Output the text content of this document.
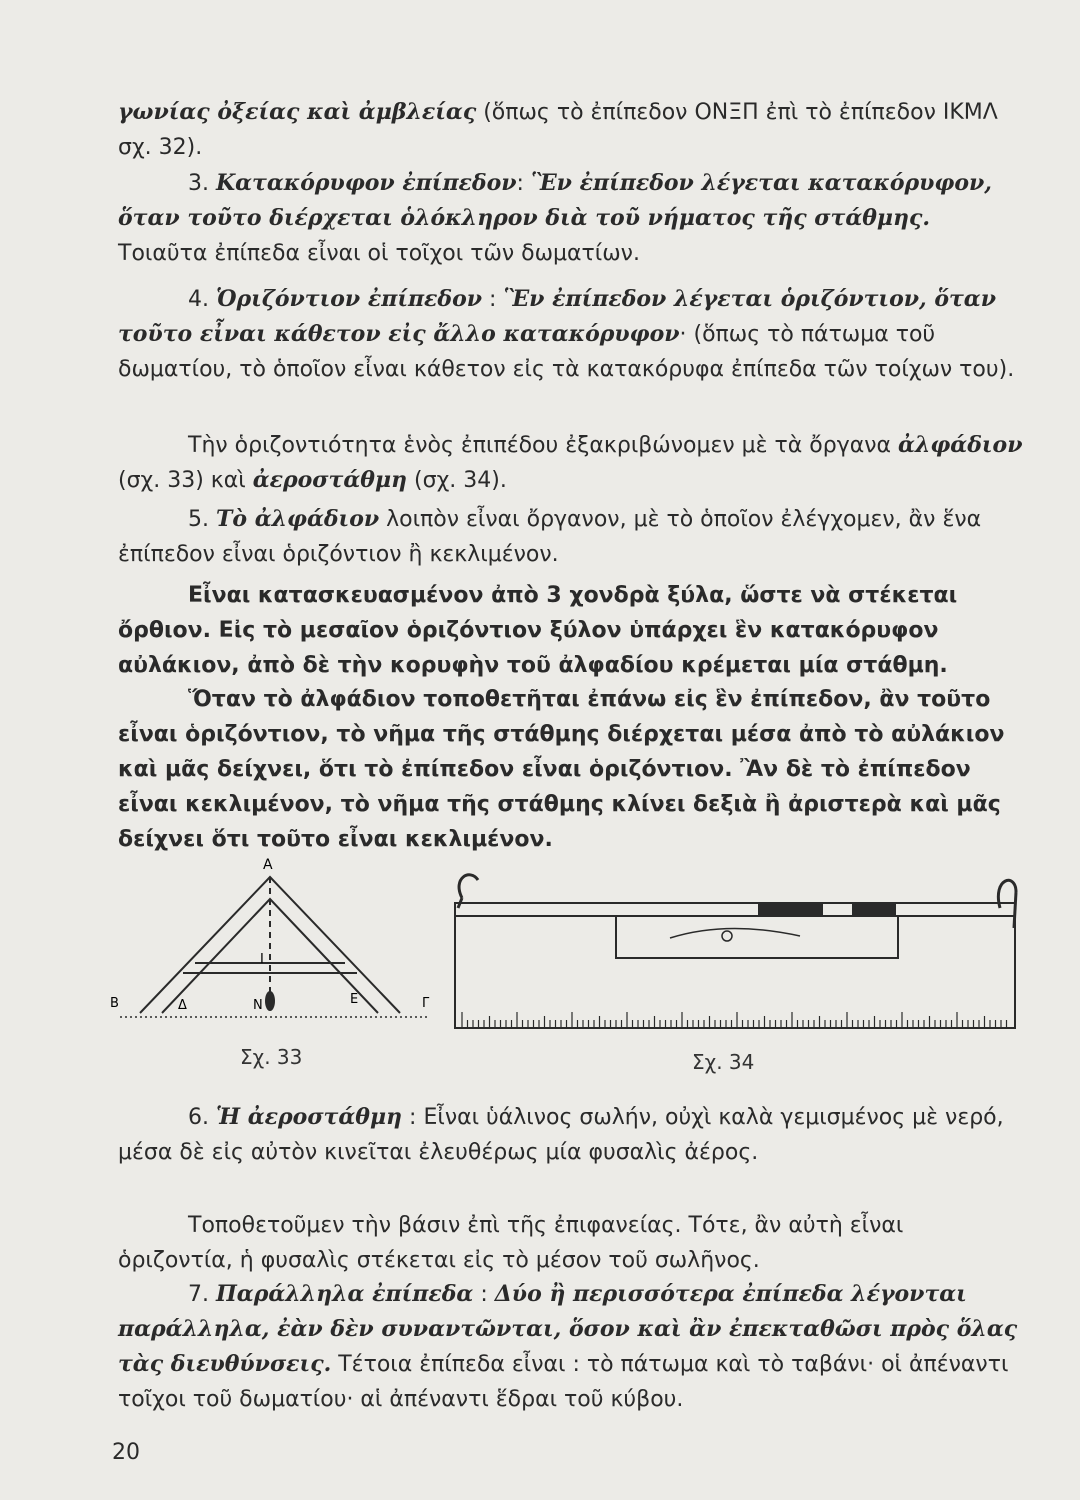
γωνίας ὀξείας καὶ ἀμβλείας (ὅπως τὸ ἐπίπεδον ΟΝΞΠ ἐπὶ τὸ ἐπίπεδον ΙΚΜΛ σχ. 32).

3. Κατακόρυφον ἐπίπεδον: Ἓν ἐπίπεδον λέγεται κατακόρυφον, ὅταν τοῦτο διέρχεται ὁλόκληρον διὰ τοῦ νήματος τῆς στάθμης. Τοιαῦτα ἐπίπεδα εἶναι οἱ τοῖχοι τῶν δωματίων.

4. Ὁριζόντιον ἐπίπεδον : Ἓν ἐπίπεδον λέγεται ὁριζόντιον, ὅταν τοῦτο εἶναι κάθετον εἰς ἄλλο κατακόρυφον· (ὅπως τὸ πάτωμα τοῦ δωματίου, τὸ ὁποῖον εἶναι κάθετον εἰς τὰ κατακόρυφα ἐπίπεδα τῶν τοίχων του).

Τὴν ὁριζοντιότητα ἑνὸς ἐπιπέδου ἐξακριβώνομεν μὲ τὰ ὄργανα ἀλφάδιον (σχ. 33) καὶ ἀεροστάθμη (σχ. 34).

5. Τὸ ἀλφάδιον λοιπὸν εἶναι ὄργανον, μὲ τὸ ὁποῖον ἐλέγχομεν, ἂν ἕνα ἐπίπεδον εἶναι ὁριζόντιον ἢ κεκλιμένον.

Εἶναι κατασκευασμένον ἀπὸ 3 χονδρὰ ξύλα, ὥστε νὰ στέκεται ὄρθιον. Εἰς τὸ μεσαῖον ὁριζόντιον ξύλον ὑπάρχει ἓν κατακόρυφον αὐλάκιον, ἀπὸ δὲ τὴν κορυφὴν τοῦ ἀλφαδίου κρέμεται μία στάθμη.

Ὅταν τὸ ἀλφάδιον τοποθετῆται ἐπάνω εἰς ἓν ἐπίπεδον, ἂν τοῦτο εἶναι ὁριζόντιον, τὸ νῆμα τῆς στάθμης διέρχεται μέσα ἀπὸ τὸ αὐλάκιον καὶ μᾶς δείχνει, ὅτι τὸ ἐπίπεδον εἶναι ὁριζόντιον. Ἂν δὲ τὸ ἐπίπεδον εἶναι κεκλιμένον, τὸ νῆμα τῆς στάθμης κλίνει δεξιὰ ἢ ἀριστερὰ καὶ μᾶς δείχνει ὅτι τοῦτο εἶναι κεκλιμένον.

Α
Ι
Β	Δ	Ν	Ε	Γ
Σχ. 33	Σχ. 34

6. Ἡ ἀεροστάθμη : Εἶναι ὑάλινος σωλήν, οὐχὶ καλὰ γεμισμένος μὲ νερό, μέσα δὲ εἰς αὐτὸν κινεῖται ἐλευθέρως μία φυσαλὶς ἀέρος.

Τοποθετοῦμεν τὴν βάσιν ἐπὶ τῆς ἐπιφανείας. Τότε, ἂν αὐτὴ εἶναι ὁριζοντία, ἡ φυσαλὶς στέκεται εἰς τὸ μέσον τοῦ σωλῆνος.

7. Παράλληλα ἐπίπεδα : Δύο ἢ περισσότερα ἐπίπεδα λέγονται παράλληλα, ἐὰν δὲν συναντῶνται, ὅσον καὶ ἂν ἐπεκταθῶσι πρὸς ὅλας τὰς διευθύνσεις. Τέτοια ἐπίπεδα εἶναι : τὸ πάτωμα καὶ τὸ ταβάνι· οἱ ἀπέναντι τοῖχοι τοῦ δωματίου· αἱ ἀπέναντι ἕδραι τοῦ κύβου.

20
